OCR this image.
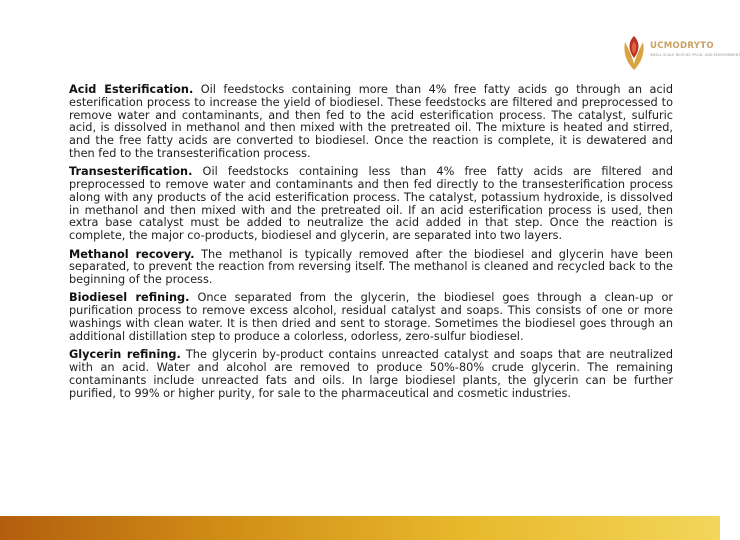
UCMODRYTO
SMALL SCALE BIOFUEL PROD. AND ENVIRONMENT

Acid Esterification. Oil feedstocks containing more than 4% free fatty acids go through an acid esterification process to increase the yield of biodiesel. These feedstocks are filtered and preprocessed to remove water and contaminants, and then fed to the acid esterification process. The catalyst, sulfuric acid, is dissolved in methanol and then mixed with the pretreated oil. The mixture is heated and stirred, and the free fatty acids are converted to biodiesel. Once the reaction is complete, it is dewatered and then fed to the transesterification process.

Transesterification. Oil feedstocks containing less than 4% free fatty acids are filtered and preprocessed to remove water and contaminants and then fed directly to the transesterification process along with any products of the acid esterification process. The catalyst, potassium hydroxide, is dissolved in methanol and then mixed with and the pretreated oil. If an acid esterification process is used, then extra base catalyst must be added to neutralize the acid added in that step. Once the reaction is complete, the major co-products, biodiesel and glycerin, are separated into two layers.

Methanol recovery. The methanol is typically removed after the biodiesel and glycerin have been separated, to prevent the reaction from reversing itself. The methanol is cleaned and recycled back to the beginning of the process.

Biodiesel refining. Once separated from the glycerin, the biodiesel goes through a clean-up or purification process to remove excess alcohol, residual catalyst and soaps. This consists of one or more washings with clean water. It is then dried and sent to storage. Sometimes the biodiesel goes through an additional distillation step to produce a colorless, odorless, zero-sulfur biodiesel.

Glycerin refining. The glycerin by-product contains unreacted catalyst and soaps that are neutralized with an acid. Water and alcohol are removed to produce 50%-80% crude glycerin. The remaining contaminants include unreacted fats and oils. In large biodiesel plants, the glycerin can be further purified, to 99% or higher purity, for sale to the pharmaceutical and cosmetic industries.
